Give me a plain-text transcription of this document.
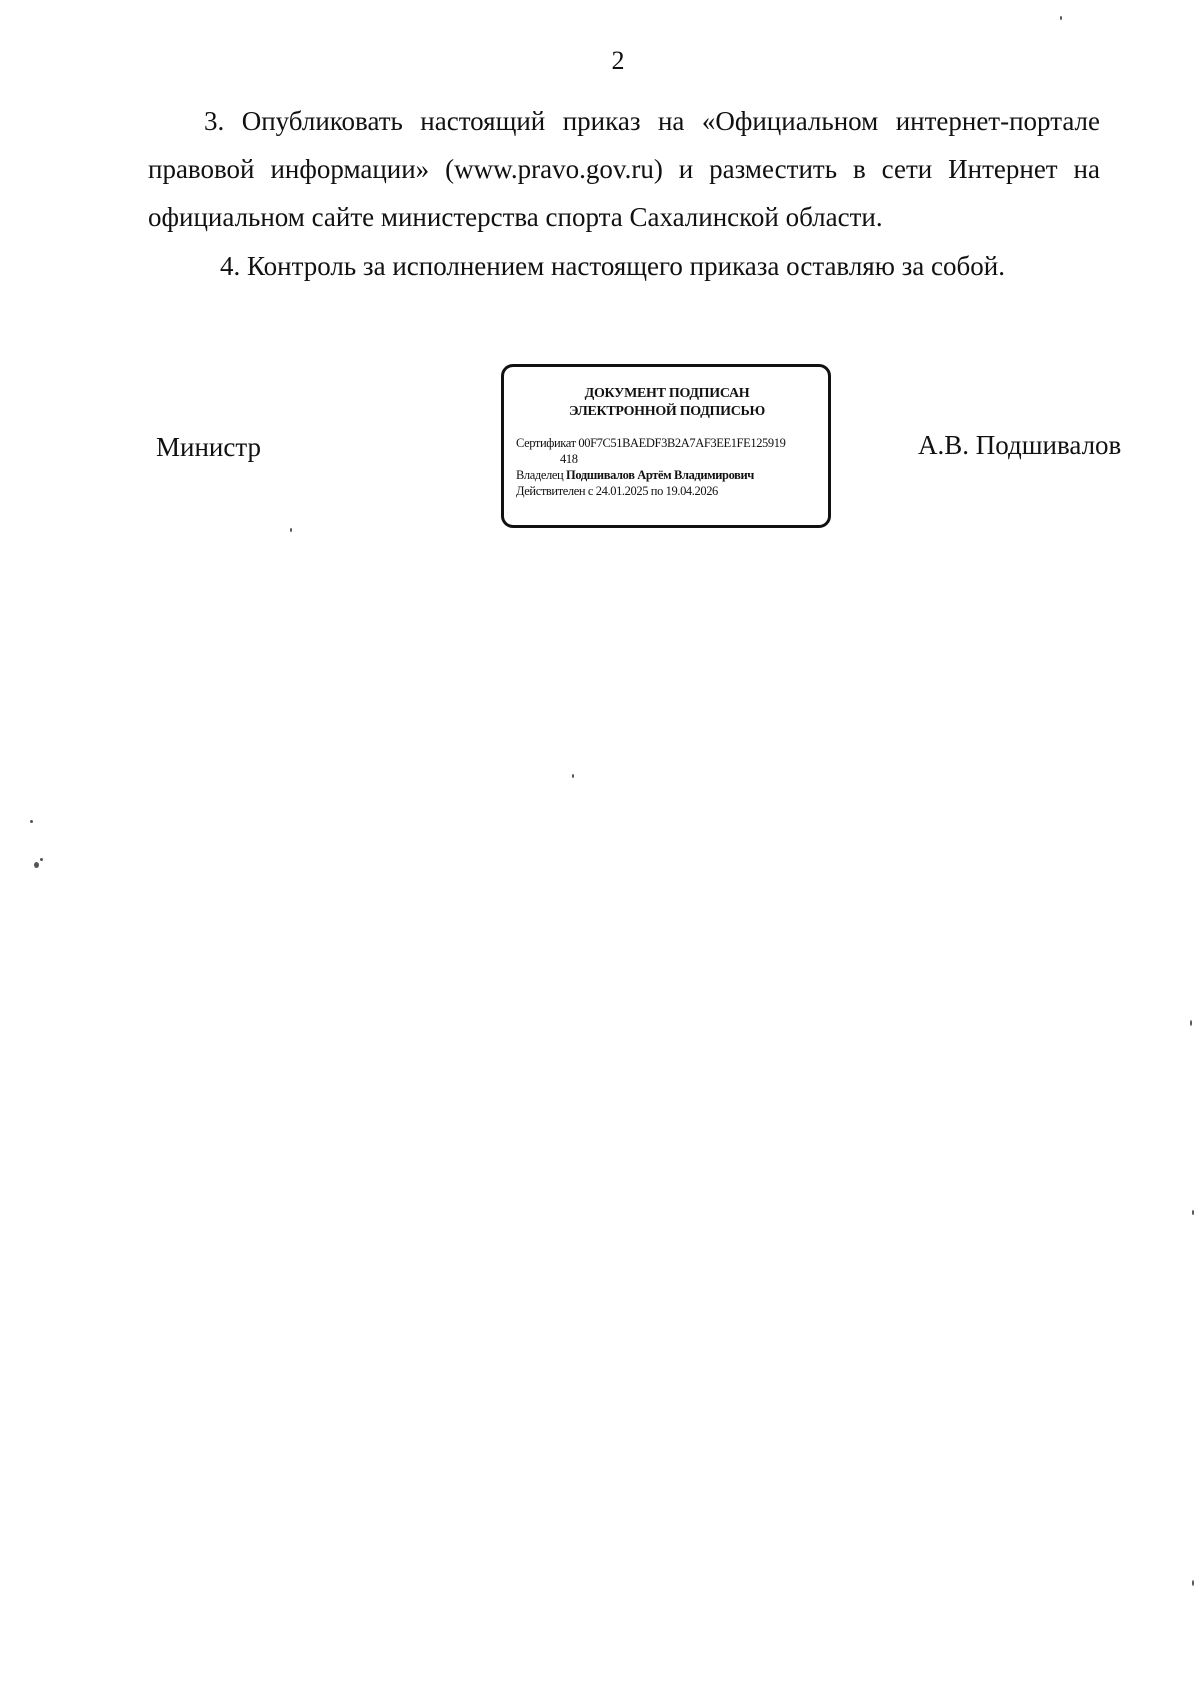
2

3. Опубликовать настоящий приказ на «Официальном интернет-портале правовой информации» (www.pravo.gov.ru) и разместить в сети Интернет на официальном сайте министерства спорта Сахалинской области.

4. Контроль за исполнением настоящего приказа оставляю за собой.

Министр
ДОКУМЕНТ ПОДПИСАН
ЭЛЕКТРОННОЙ ПОДПИСЬЮ
Сертификат 00F7C51BAEDF3B2A7AF3EE1FE125919
418
Владелец Подшивалов Артём Владимирович
Действителен с 24.01.2025 по 19.04.2026
А.В. Подшивалов
